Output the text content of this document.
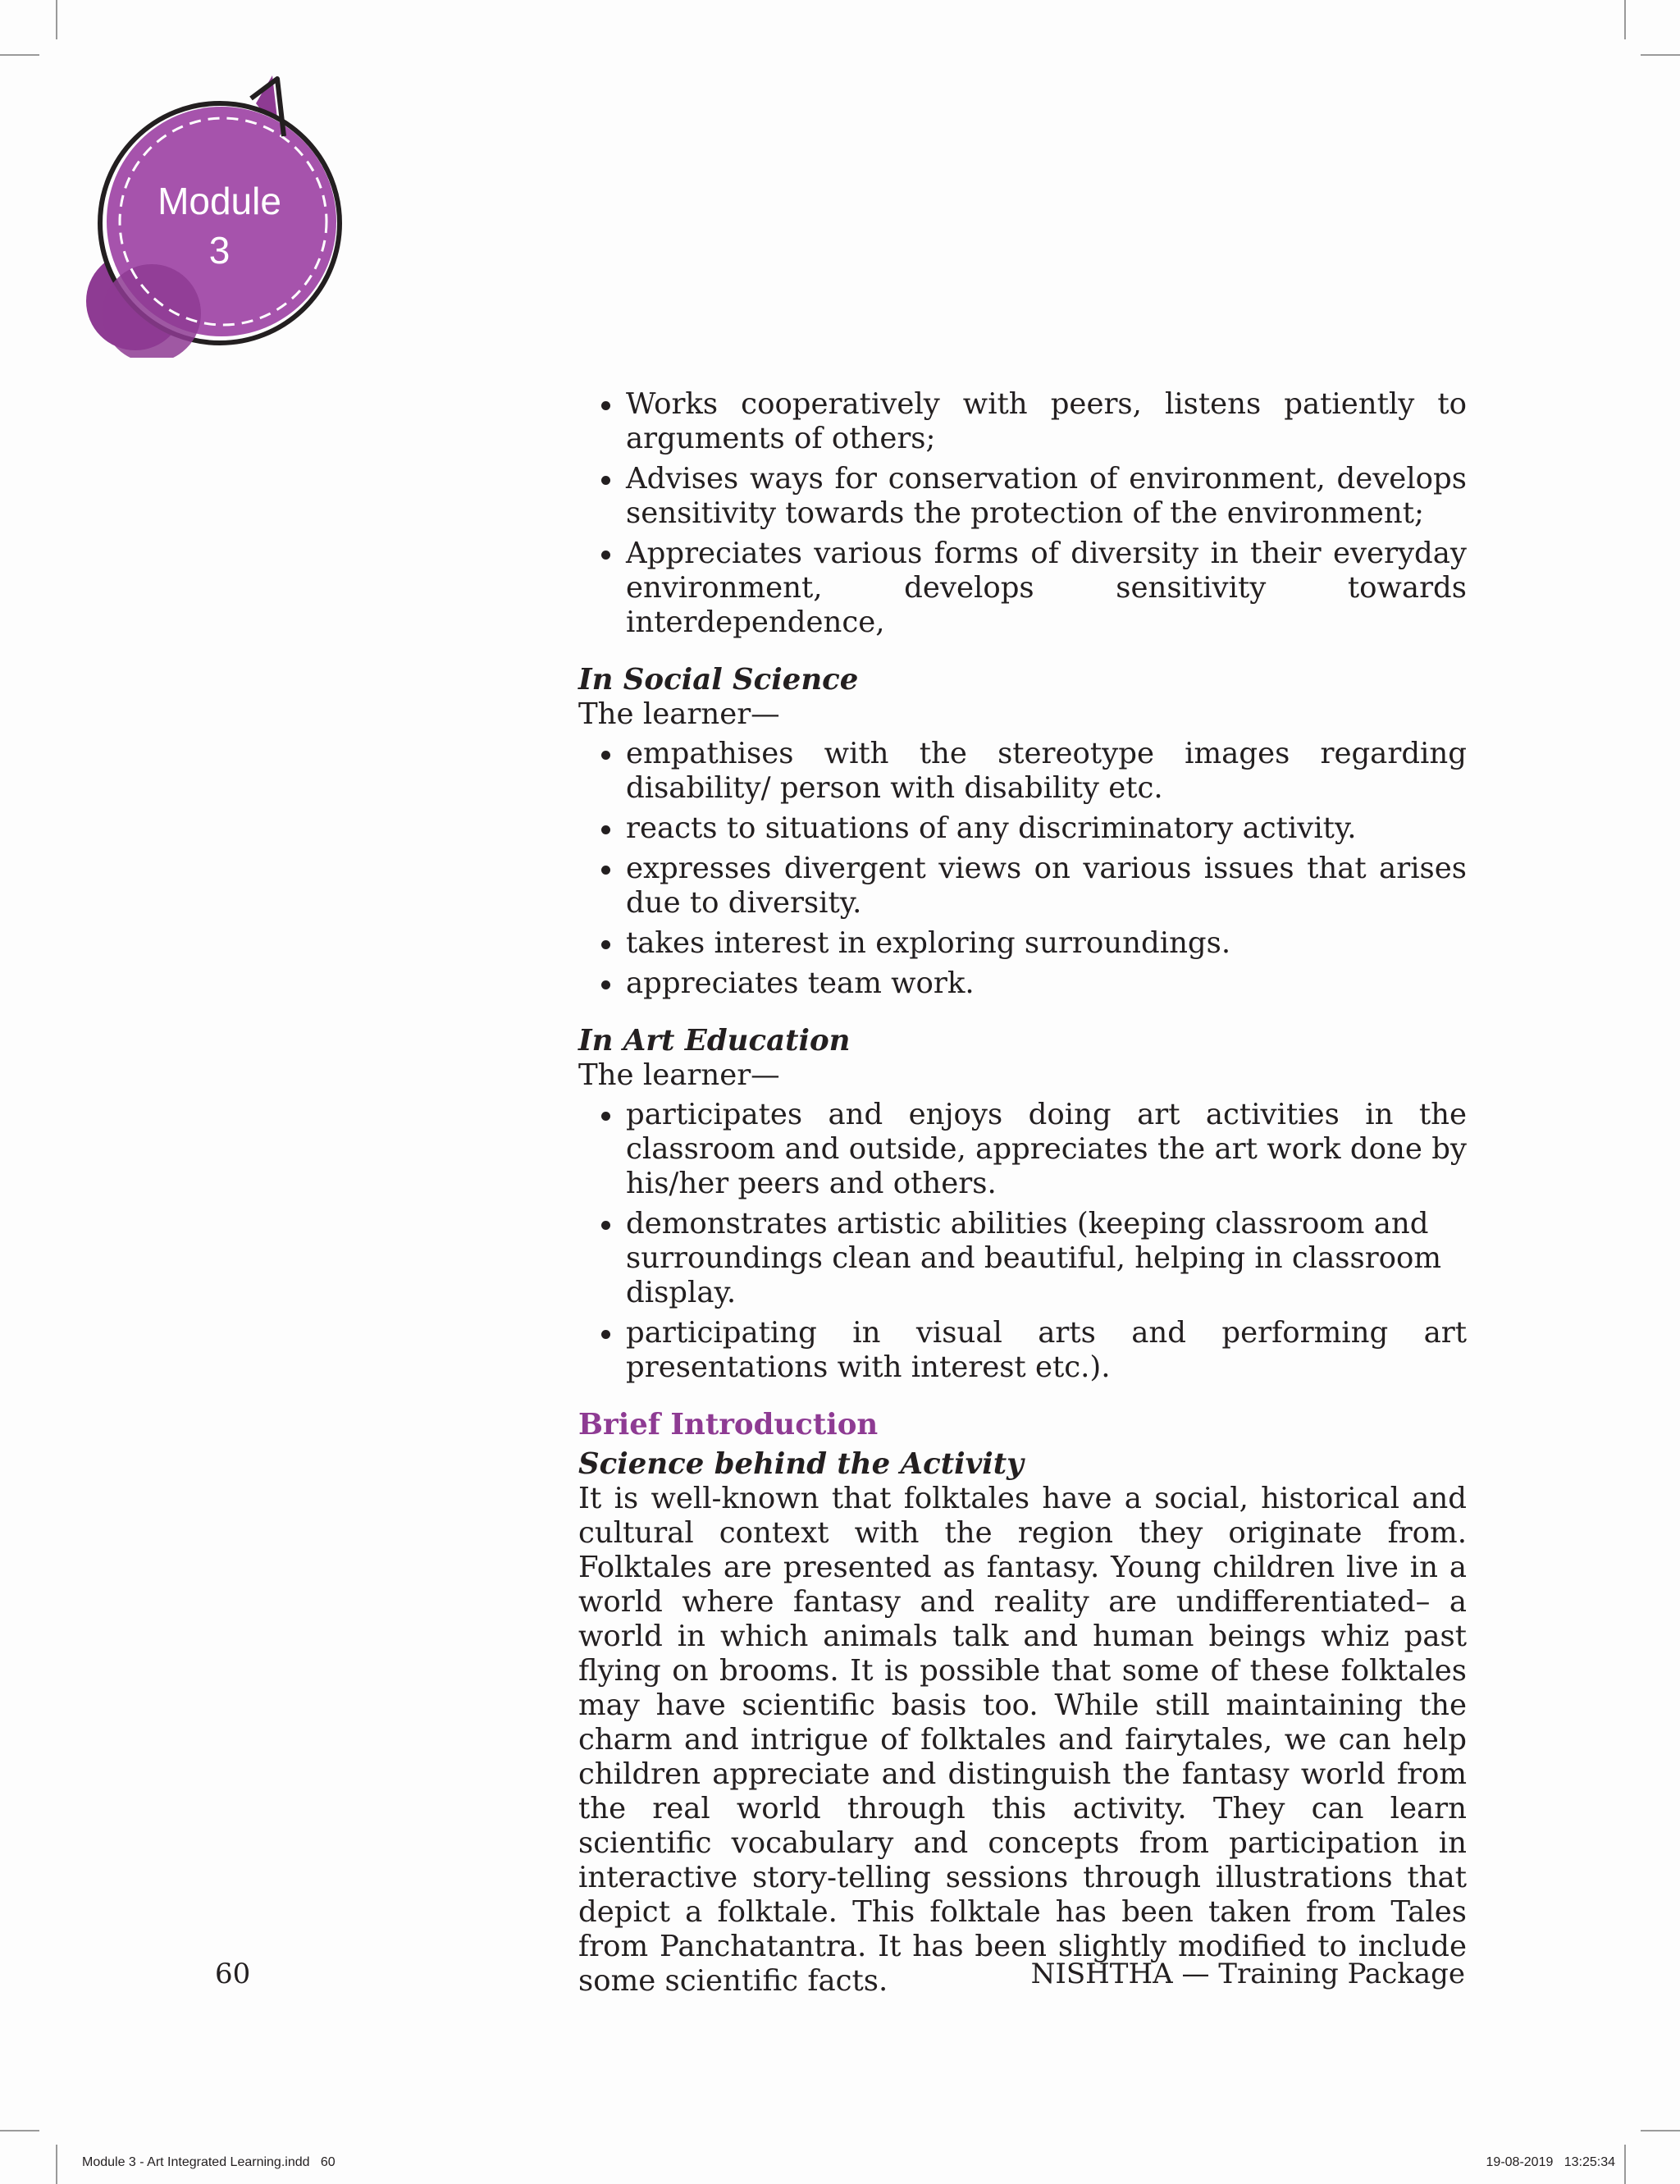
Module
3
Works cooperatively with peers, listens patiently to arguments of others;
Advises ways for conservation of environment, develops sensitivity towards the protection of the environment;
Appreciates various forms of diversity in their everyday environment, develops sensitivity towards interdependence,
In Social Science
The learner—
empathises with the stereotype images regarding disability/ person with disability etc.
reacts to situations of any discriminatory activity.
expresses divergent views on various issues that arises due to diversity.
takes interest in exploring surroundings.
appreciates team work.
In Art Education
The learner—
participates and enjoys doing art activities in the classroom and outside, appreciates the art work done by his/her peers and others.
demonstrates artistic abilities (keeping classroom and surroundings clean and beautiful, helping in classroom display.
participating in visual arts and performing art presentations with interest etc.).
Brief Introduction
Science behind the Activity
It is well-known that folktales have a social, historical and cultural context with the region they originate from. Folktales are presented as fantasy. Young children live in a world where fantasy and reality are undifferentiated– a world in which animals talk and human beings whiz past flying on brooms. It is possible that some of these folktales may have scientific basis too. While still maintaining the charm and intrigue of folktales and fairytales, we can help children appreciate and distinguish the fantasy world from the real world through this activity. They can learn scientific vocabulary and concepts from participation in interactive story-telling sessions through illustrations that depict a folktale. This folktale has been taken from Tales from Panchatantra. It has been slightly modified to include some scientific facts.
60	NISHTHA — Training Package
Module 3 - Art Integrated Learning.indd   60	19-08-2019   13:25:34
